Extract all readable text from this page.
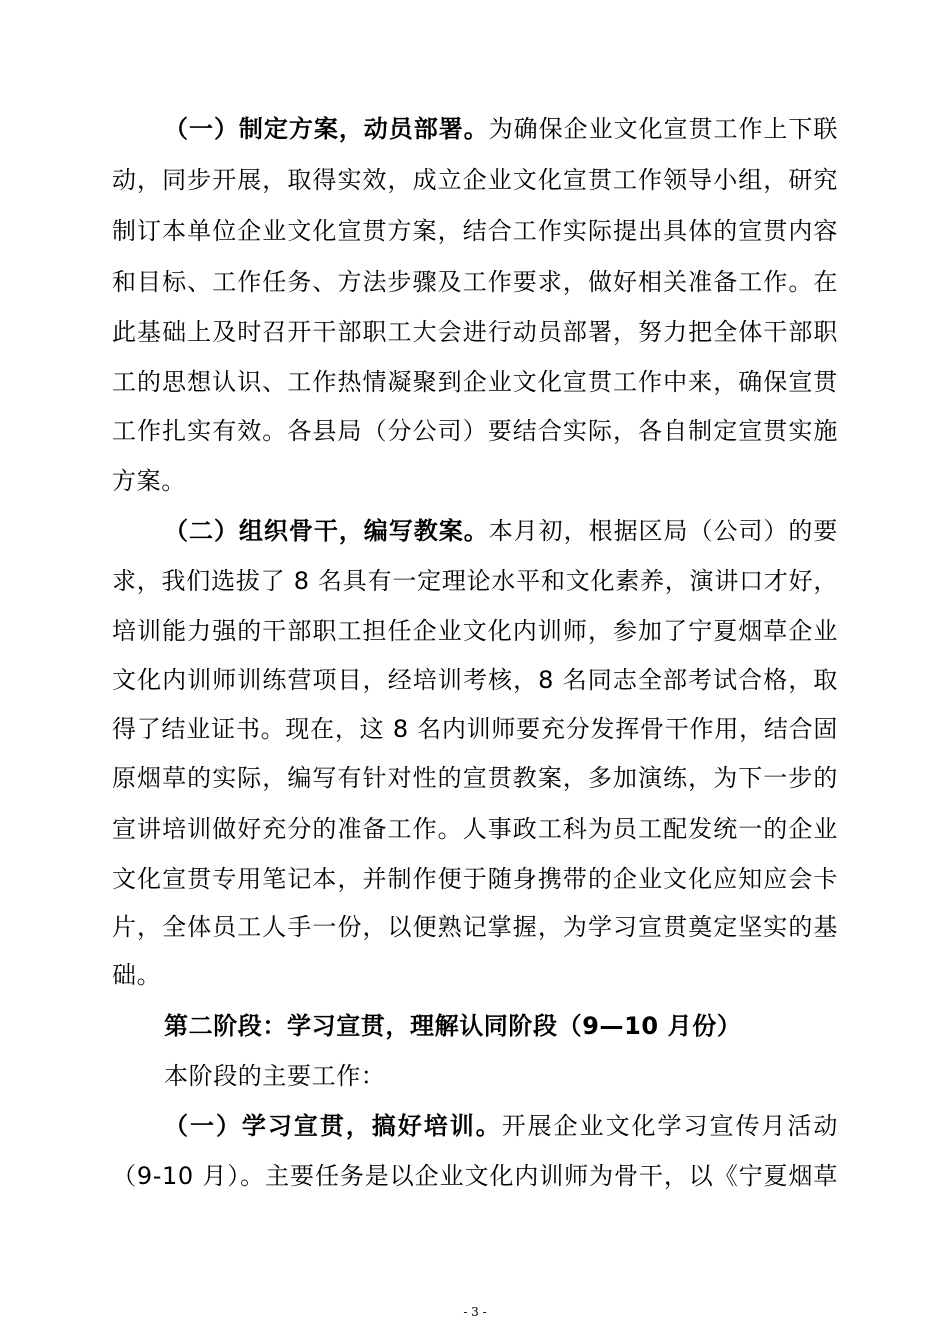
（一）制定方案，动员部署。为确保企业文化宣贯工作上下联
动，同步开展，取得实效，成立企业文化宣贯工作领导小组，研究
制订本单位企业文化宣贯方案，结合工作实际提出具体的宣贯内容
和目标、工作任务、方法步骤及工作要求，做好相关准备工作。在
此基础上及时召开干部职工大会进行动员部署，努力把全体干部职
工的思想认识、工作热情凝聚到企业文化宣贯工作中来，确保宣贯
工作扎实有效。各县局（分公司）要结合实际，各自制定宣贯实施
方案。
（二）组织骨干，编写教案。本月初，根据区局（公司）的要
求，我们选拔了 8 名具有一定理论水平和文化素养，演讲口才好，
培训能力强的干部职工担任企业文化内训师，参加了宁夏烟草企业
文化内训师训练营项目，经培训考核，8 名同志全部考试合格，取
得了结业证书。现在，这 8 名内训师要充分发挥骨干作用，结合固
原烟草的实际，编写有针对性的宣贯教案，多加演练，为下一步的
宣讲培训做好充分的准备工作。人事政工科为员工配发统一的企业
文化宣贯专用笔记本，并制作便于随身携带的企业文化应知应会卡
片，全体员工人手一份，以便熟记掌握，为学习宣贯奠定坚实的基
础。
第二阶段：学习宣贯，理解认同阶段（9—10 月份）
本阶段的主要工作：
（一）学习宣贯，搞好培训。开展企业文化学习宣传月活动
（9-10 月）。主要任务是以企业文化内训师为骨干，以《宁夏烟草
- 3 -
